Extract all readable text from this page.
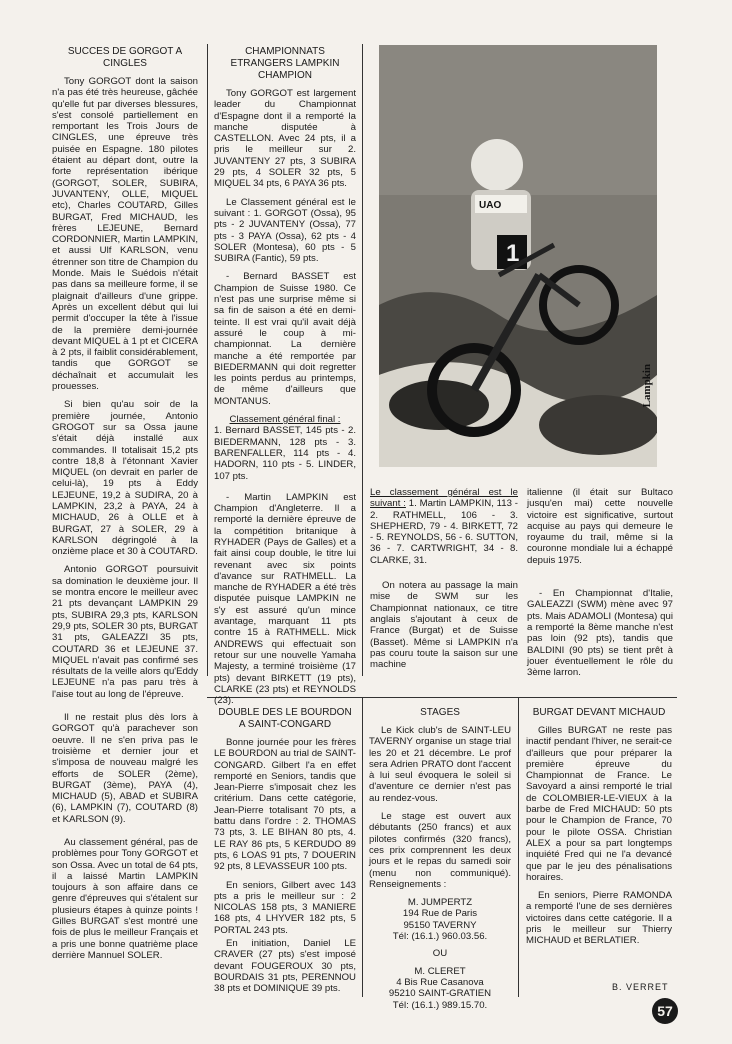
SUCCES DE GORGOT A CINGLES

Tony GORGOT dont la saison n'a pas été très heureuse, gâchée qu'elle fut par diverses blessures, s'est consolé partiellement en remportant les Trois Jours de CINGLES, une épreuve très puisée en Espagne. 180 pilotes étaient au départ dont, outre la forte représentation ibérique (GORGOT, SOLER, SUBIRA, JUVANTENY, OLLE, MIQUEL etc), Charles COUTARD, Gilles BURGAT, Fred MICHAUD, les frères LEJEUNE, Bernard CORDONNIER, Martin LAMPKIN, et aussi Ulf KARLSON, venu étrenner son titre de Champion du Monde. Mais le Suédois n'était pas dans sa meilleure forme, il se plaignait d'ailleurs d'une grippe. Après un excellent début qui lui permit d'occuper la tête à l'issue de la première demi-journée devant MIQUEL à 1 pt et CICERA à 2 pts, il faiblit considérablement, tandis que GORGOT se déchaînait et accumulait les prouesses.

Si bien qu'au soir de la première journée, Antonio GROGOT sur sa Ossa jaune s'était déjà installé aux commandes. Il totalisait 15,2 pts contre 18,8 à l'étonnant Xavier MIQUEL (on devrait en parler de celui-là), 19 pts à Eddy LEJEUNE, 19,2 à SUDIRA, 20 à LAMPKIN, 23,2 à PAYA, 24 à MICHAUD, 26 à OLLE et à BURGAT, 27 à SOLER, 29 à KARLSON dégringolé à la onzième place et 30 à COUTARD.

Antonio GORGOT poursuivit sa domination le deuxième jour. Il se montra encore le meilleur avec 21 pts devançant LAMPKIN 29 pts, SUBIRA 29,3 pts, KARLSON 29,9 pts, SOLER 30 pts, BURGAT 31 pts, GALEAZZI 35 pts, COUTARD 36 et LEJEUNE 37. MIQUEL n'avait pas confirmé ses résultats de la veille alors qu'Eddy LEJEUNE n'a pas paru très à l'aise tout au long de l'épreuve.

Il ne restait plus dès lors à GORGOT qu'à parachever son oeuvre. Il ne s'en priva pas le troisième et dernier jour et s'imposa de nouveau malgré les efforts de SOLER (2ème), BURGAT (3ème), PAYA (4), MICHAUD (5), ABAD et SUBIRA (6), LAMPKIN (7), COUTARD (8) et KARLSON (9).

Au classement général, pas de problèmes pour Tony GORGOT et son Ossa. Avec un total de 64 pts, il a laissé Martin LAMPKIN toujours à son affaire dans ce genre d'épreuves qui s'étalent sur plusieurs étapes à quinze points ! Gilles BURGAT s'est montré une fois de plus le meilleur Français et a pris une bonne quatrième place derrière Mannuel SOLER.

CHAMPIONNATS ETRANGERS LAMPKIN CHAMPION

Tony GORGOT est largement leader du Championnat d'Espagne dont il a remporté la manche disputée à CASTELLON. Avec 24 pts, il a pris le meilleur sur 2. JUVANTENY 27 pts, 3 SUBIRA 29 pts, 4 SOLER 32 pts, 5 MIQUEL 34 pts, 6 PAYA 36 pts.

Le Classement général est le suivant : 1. GORGOT (Ossa), 95 pts - 2 JUVANTENY (Ossa), 77 pts - 3 PAYA (Ossa), 62 pts - 4 SOLER (Montesa), 60 pts - 5 SUBIRA (Fantic), 59 pts.

- Bernard BASSET est Champion de Suisse 1980. Ce n'est pas une surprise même si sa fin de saison a été en demi-teinte. Il est vrai qu'il avait déjà assuré le coup à mi-championnat. La dernière manche a été remportée par BIEDERMANN qui doit regretter les points perdus au printemps, de même d'ailleurs que MONTANUS.

Classement général final :

1. Bernard BASSET, 145 pts - 2. BIEDERMANN, 128 pts - 3. BARENFALLER, 114 pts - 4. HADORN, 110 pts - 5. LINDER, 107 pts.

- Martin LAMPKIN est Champion d'Angleterre. Il a remporté la dernière épreuve de la compétition britanique à RYHADER (Pays de Galles) et a fait ainsi coup double, le titre lui revenant avec six points d'avance sur RATHMELL. La manche de RYHADER a été très disputée puisque LAMPKIN ne s'y est assuré qu'un mince avantage, marquant 11 pts contre 15 à RATHMELL. Mick ANDREWS qui effectuait son retour sur une nouvelle Yamaha Majesty, a terminé troisième (17 pts) devant BIRKETT (19 pts), CLARKE (23 pts) et REYNOLDS (23).

UAO
1
Lampkin

Le classement général est le suivant : 1. Martin LAMPKIN, 113 - 2. RATHMELL, 106 - 3. SHEPHERD, 79 - 4. BIRKETT, 72 - 5. REYNOLDS, 56 - 6. SUTTON, 36 - 7. CARTWRIGHT, 34 - 8. CLARKE, 31.

On notera au passage la main mise de SWM sur les Championnat nationaux, ce titre anglais s'ajoutant à ceux de France (Burgat) et de Suisse (Basset). Même si LAMPKIN n'a pas couru toute la saison sur une machine

italienne (il était sur Bultaco jusqu'en mai) cette nouvelle victoire est significative, surtout acquise au pays qui demeure le royaume du trail, même si la couronne mondiale lui a échappé depuis 1975.

- En Championnat d'Italie, GALEAZZI (SWM) mène avec 97 pts. Mais ADAMOLI (Montesa) qui a remporté la 8ème manche n'est pas loin (92 pts), tandis que BALDINI (90 pts) se tient prêt à jouer éventuellement le rôle du 3ème larron.

DOUBLE DES LE BOURDON A SAINT-CONGARD

Bonne journée pour les frères LE BOURDON au trial de SAINT-CONGARD. Gilbert l'a en effet remporté en Seniors, tandis que Jean-Pierre s'imposait chez les critérium. Dans cette catégorie, Jean-Pierre totalisant 70 pts, a battu dans l'ordre : 2. THOMAS 73 pts, 3. LE BIHAN 80 pts, 4. LE RAY 86 pts, 5 KERDUDO 89 pts, 6 LOAS 91 pts, 7 DOUERIN 92 pts, 8 LEVASSEUR 100 pts.

En seniors, Gilbert avec 143 pts a pris le meilleur sur : 2 NICOLAS 158 pts, 3 MANIERE 168 pts, 4 LHYVER 182 pts, 5 PORTAL 243 pts.

En initiation, Daniel LE CRAVER (27 pts) s'est imposé devant FOUGEROUX 30 pts, BOURDAIS 31 pts, PERENNOU 38 pts et DOMINIQUE 39 pts.

STAGES

Le Kick club's de SAINT-LEU TAVERNY organise un stage trial les 20 et 21 décembre. Le prof sera Adrien PRATO dont l'accent à lui seul évoquera le soleil si d'aventure ce dernier n'est pas au rendez-vous.

Le stage est ouvert aux débutants (250 francs) et aux pilotes confirmés (320 francs), ces prix comprennent les deux jours et le repas du samedi soir (menu non communiqué). Renseignements :

M. JUMPERTZ

194 Rue de Paris

95150 TAVERNY

Tél: (16.1.) 960.03.56.

OU

M. CLERET

4 Bis Rue Casanova

95210 SAINT-GRATIEN

Tél: (16.1.) 989.15.70.

BURGAT DEVANT MICHAUD

Gilles BURGAT ne reste pas inactif pendant l'hiver, ne serait-ce d'ailleurs que pour préparer la première épreuve du Championnat de France. Le Savoyard a ainsi remporté le trial de COLOMBIER-LE-VIEUX à la barbe de Fred MICHAUD: 50 pts pour le Champion de France, 70 pour le pilote OSSA. Christian ALEX a pour sa part longtemps inquiété Fred qui ne l'a devancé que par le jeu des pénalisations horaires.

En seniors, Pierre RAMONDA a remporté l'une de ses dernières victoires dans cette catégorie. Il a pris le meilleur sur Thierry MICHAUD et BERLATIER.

B. VERRET
57
